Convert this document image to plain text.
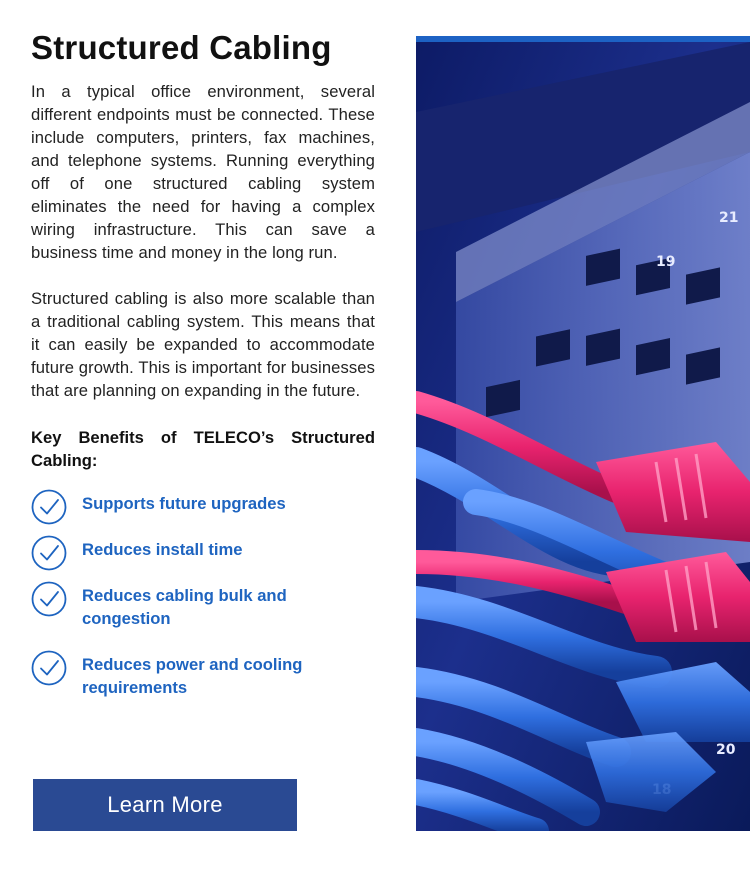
Structured Cabling

In a typical office environment, several different endpoints must be connected. These include computers, printers, fax machines, and telephone systems. Running everything off of one structured cabling system eliminates the need for having a complex wiring infrastructure. This can save a business time and money in the long run.

Structured cabling is also more scalable than a traditional cabling system. This means that it can easily be expanded to accommodate future growth. This is important for businesses that are planning on expanding in the future.

Key Benefits of TELECO’s Structured Cabling:
Supports future upgrades
Reduces install time
Reduces cabling bulk and congestion
Reduces power and cooling requirements
Learn More
21
19
20
